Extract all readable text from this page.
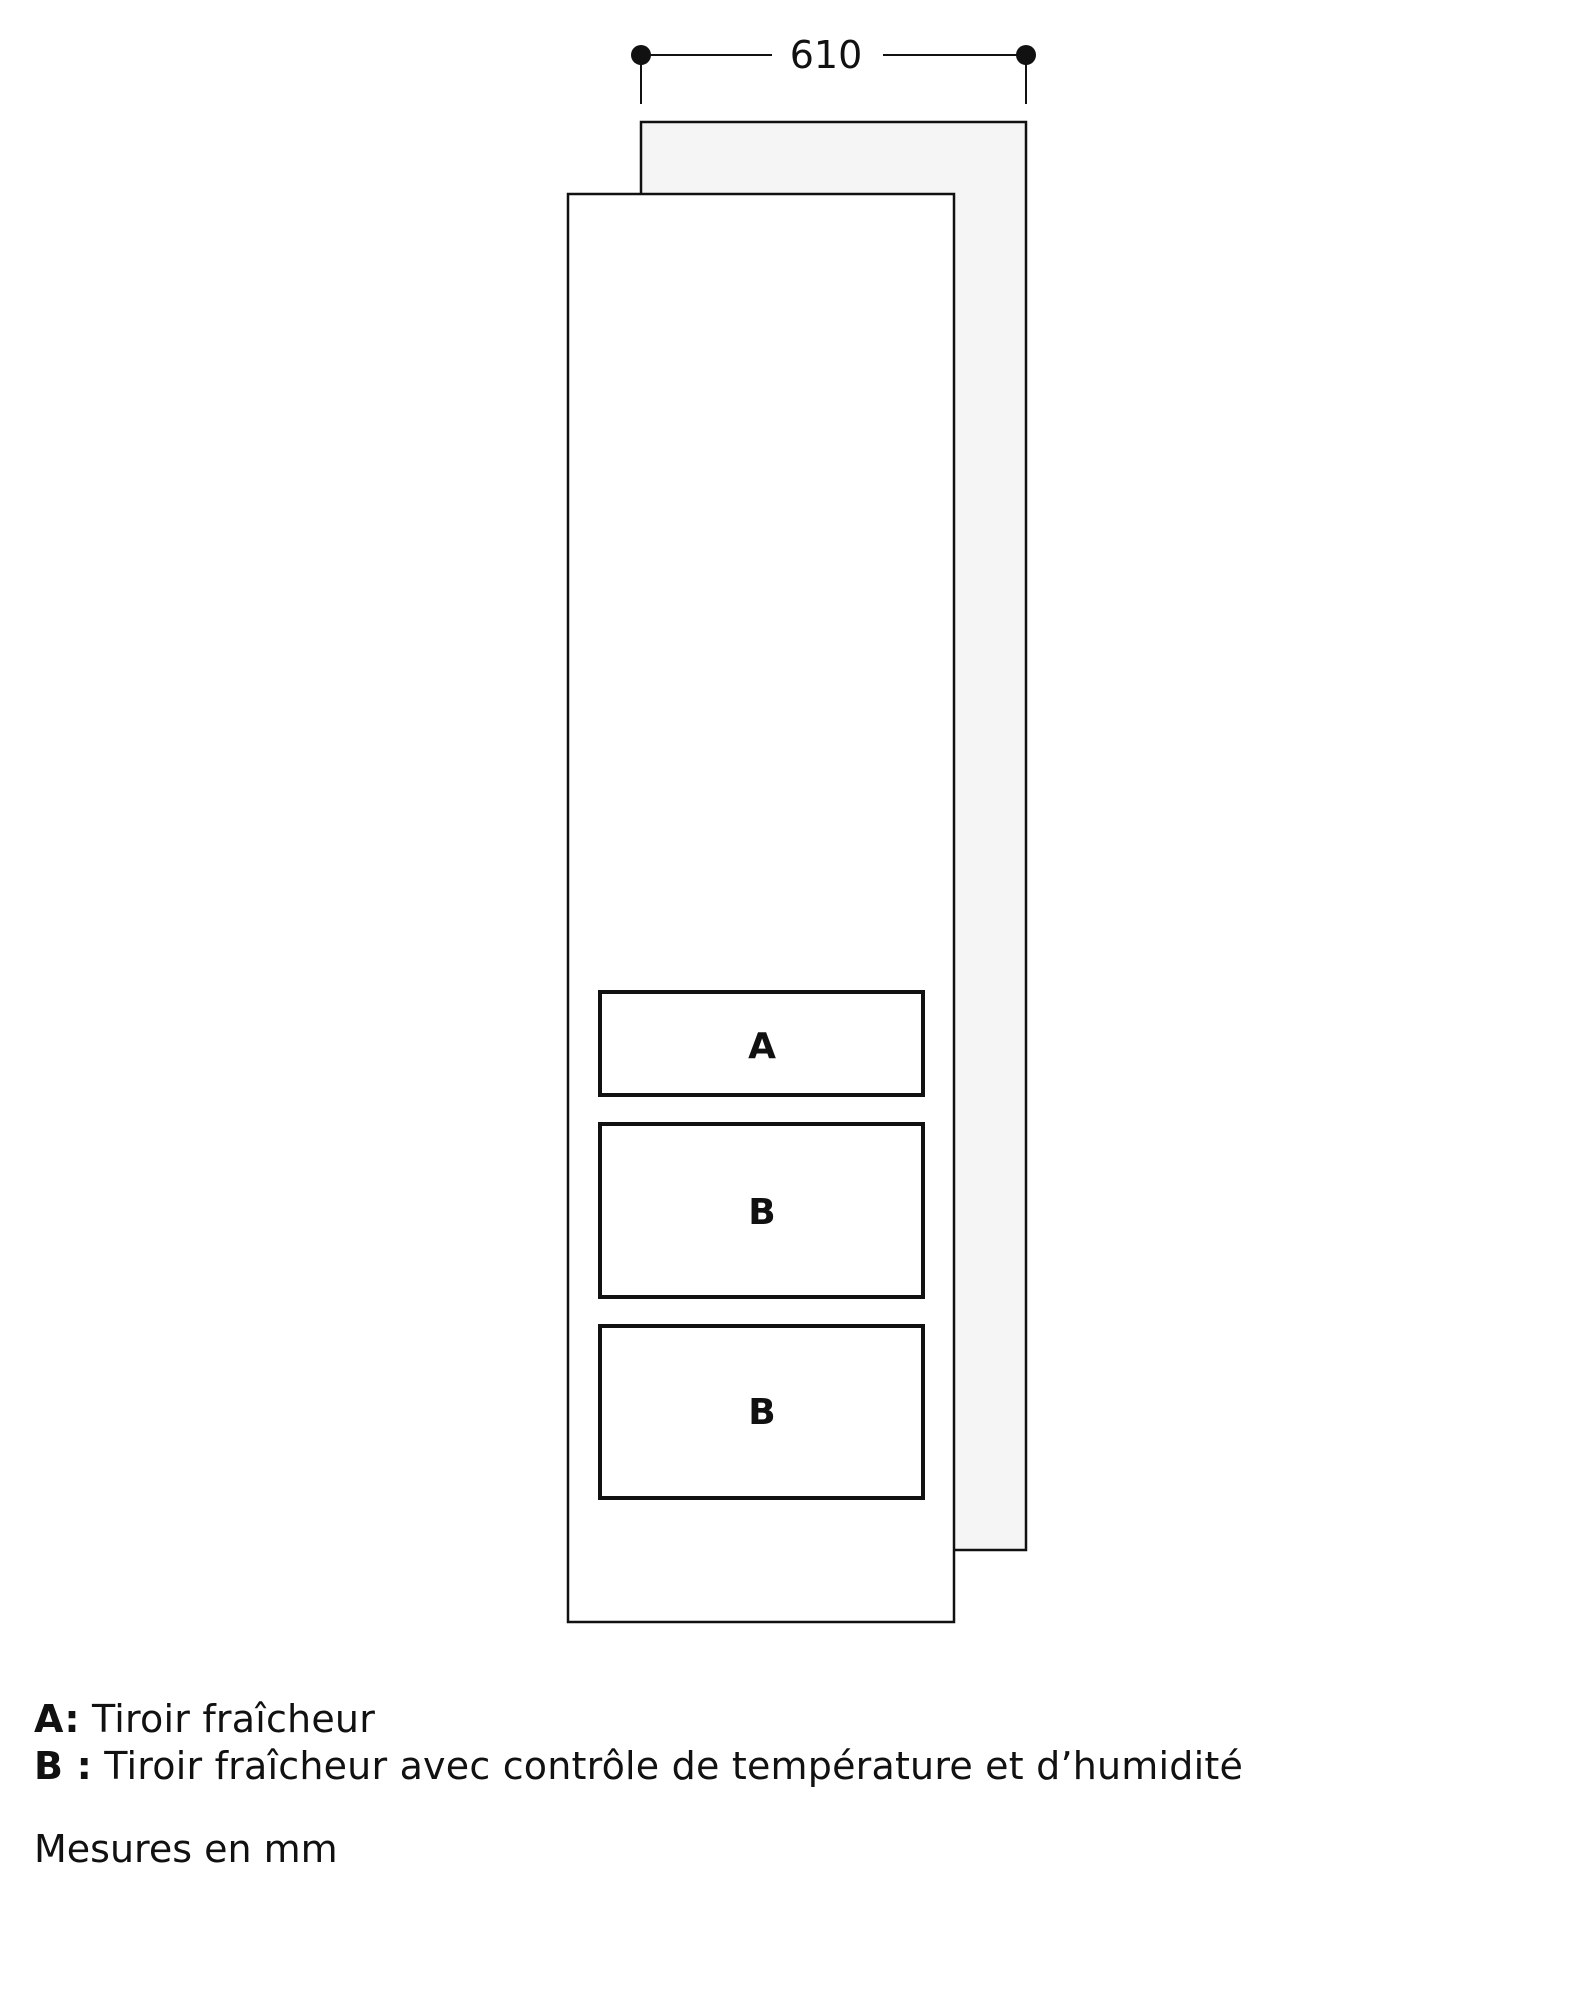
610
A
B
B
A: Tiroir fraîcheur
B : Tiroir fraîcheur avec contrôle de température et d’humidité
Mesures en mm
